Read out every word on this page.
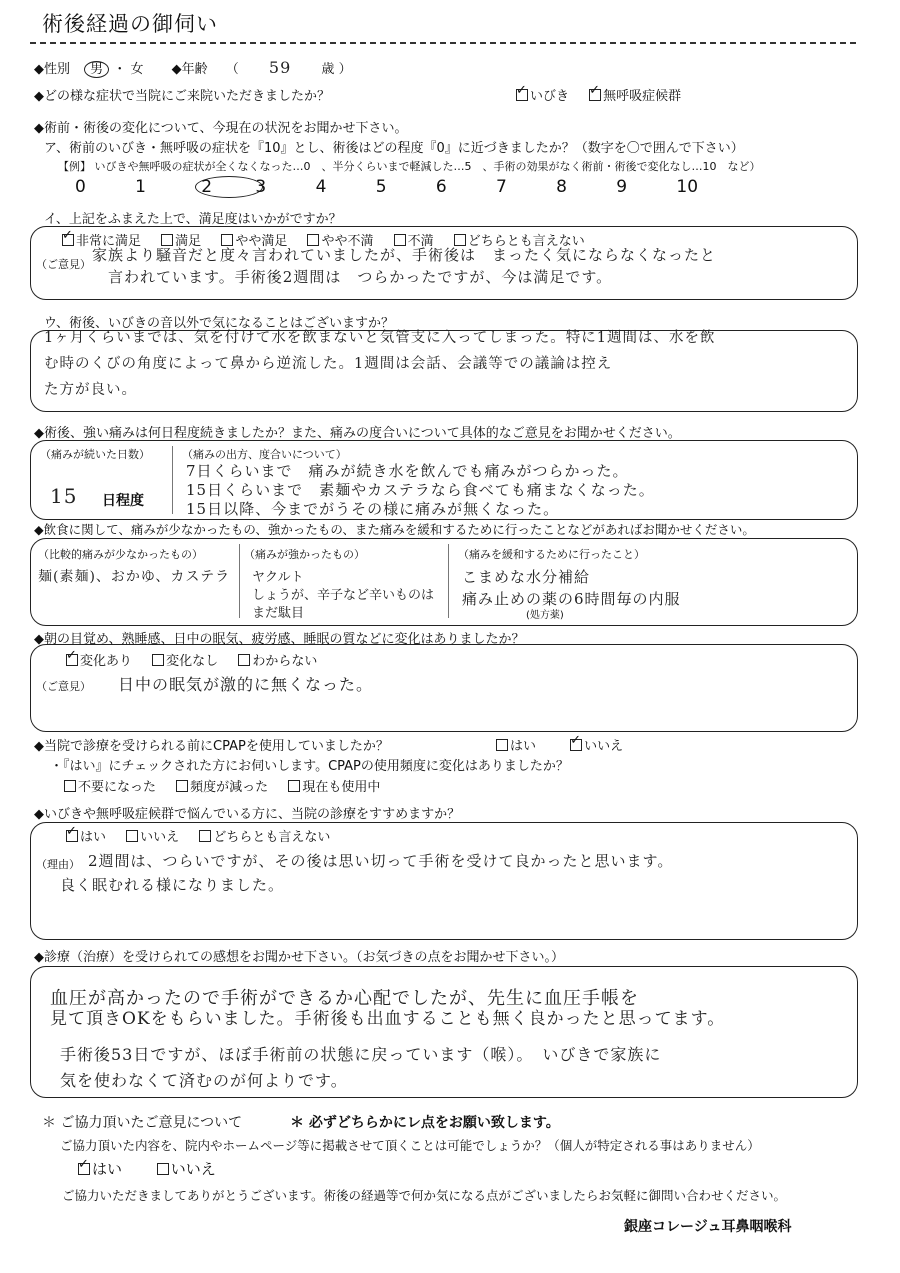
術後経過の御伺い
◆性別 男 ・ 女 ◆年齢 （ 59 歳 ）
◆どの様な症状で当院にご来院いただきましたか？ ✓	いびき ✓	無呼吸症候群
◆術前・術後の変化について、今現在の状況をお聞かせ下さい。
ア、術前のいびき・無呼吸の症状を『10』とし、術後はどの程度『0』に近づきましたか？（数字を〇で囲んで下さい）
【例】 いびきや無呼吸の症状が全くなくなった…0　、半分くらいまで軽減した…5　、手術の効果がなく術前・術後で変化なし…10　など）
0	1	2	3	4	5	6	7	8	9	10
イ、上記をふまえた上で、満足度はいかがですか？
✓非常に満足	満足	やや満足	やや不満	不満	どちらとも言えない
（ご意見）
家族より騒音だと度々言われていましたが、手術後は　まったく気にならなくなったと
言われています。手術後2週間は　つらかったですが、今は満足です。
ウ、術後、いびきの音以外で気になることはございますか？
1ヶ月くらいまでは、気を付けて水を飲まないと気管支に入ってしまった。特に1週間は、水を飲
む時のくびの角度によって鼻から逆流した。1週間は会話、会議等での議論は控え
た方が良い。
◆術後、強い痛みは何日程度続きましたか？また、痛みの度合いについて具体的なご意見をお聞かせください。
（痛みが続いた日数）
15 日程度
（痛みの出方、度合いについて）
7日くらいまで　痛みが続き水を飲んでも痛みがつらかった。
15日くらいまで　素麺やカステラなら食べても痛まなくなった。
15日以降、今までがうその様に痛みが無くなった。
◆飲食に関して、痛みが少なかったもの、強かったもの、また痛みを緩和するために行ったことなどがあればお聞かせください。
（比較的痛みが少なかったもの）
麺(素麺)、おかゆ、カステラ
（痛みが強かったもの）
ヤクルト
しょうが、辛子など辛いものは
まだ駄目
（痛みを緩和するために行ったこと）
こまめな水分補給
痛み止めの薬の6時間毎の内服
(処方薬)
◆朝の目覚め、熟睡感、日中の眠気、疲労感、睡眠の質などに変化はありましたか？
✓変化あり	変化なし	わからない
（ご意見） 日中の眠気が激的に無くなった。
◆当院で診療を受けられる前にCPAPを使用していましたか？	はい ✓	いいえ
・『はい』にチェックされた方にお伺いします。CPAPの使用頻度に変化はありましたか？
不要になった	頻度が減った	現在も使用中
◆いびきや無呼吸症候群で悩んでいる方に、当院の診療をすすめますか？
✓はい	いいえ	どちらとも言えない
（理由） 2週間は、つらいですが、その後は思い切って手術を受けて良かったと思います。
良く眠むれる様になりました。
◆診療（治療）を受けられての感想をお聞かせ下さい。（お気づきの点をお聞かせ下さい。）
血圧が高かったので手術ができるか心配でしたが、先生に血圧手帳を
見て頂きOKをもらいました。手術後も出血することも無く良かったと思ってます。
手術後53日ですが、ほぼ手術前の状態に戻っています（喉）。　いびきで家族に
気を使わなくて済むのが何よりです。
＊ ご協力頂いたご意見について	＊ 必ずどちらかにレ点をお願い致します。
ご協力頂いた内容を、院内やホームページ等に掲載させて頂くことは可能でしょうか？（個人が特定される事はありません）
✓はい	いいえ
ご協力いただきましてありがとうございます。術後の経過等で何か気になる点がございましたらお気軽に御問い合わせください。
銀座コレージュ耳鼻咽喉科
